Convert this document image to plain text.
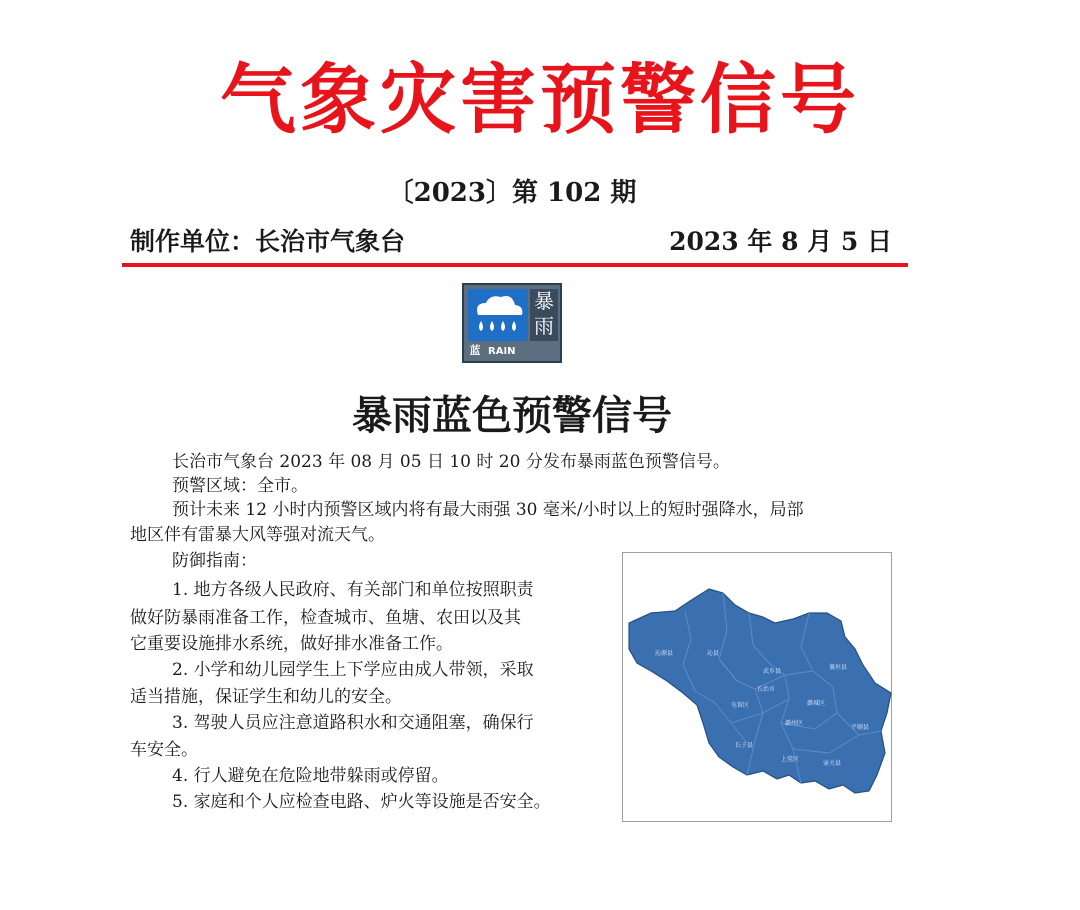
气象灾害预警信号
〔2023〕第 102 期
制作单位：长治市气象台	2023 年 8 月 5 日
暴
雨
蓝 RAIN STORM
暴雨蓝色预警信号
长治市气象台 2023 年 08 月 05 日 10 时 20 分发布暴雨蓝色预警信号。
预警区域：全市。
预计未来 12 小时内预警区域内将有最大雨强 30 毫米/小时以上的短时强降水，局部
地区伴有雷暴大风等强对流天气。
防御指南：
1. 地方各级人民政府、有关部门和单位按照职责
做好防暴雨准备工作，检查城市、鱼塘、农田以及其
它重要设施排水系统，做好排水准备工作。
2. 小学和幼儿园学生上下学应由成人带领，采取
适当措施，保证学生和幼儿的安全。
3. 驾驶人员应注意道路积水和交通阻塞，确保行
车安全。
4. 行人避免在危险地带躲雨或停留。
5. 家庭和个人应检查电路、炉火等设施是否安全。
沁源县	沁县
武乡县
襄垣县
长治市
潞城区
屯留区
潞州区
平顺县
长子县
上党区
壶关县
